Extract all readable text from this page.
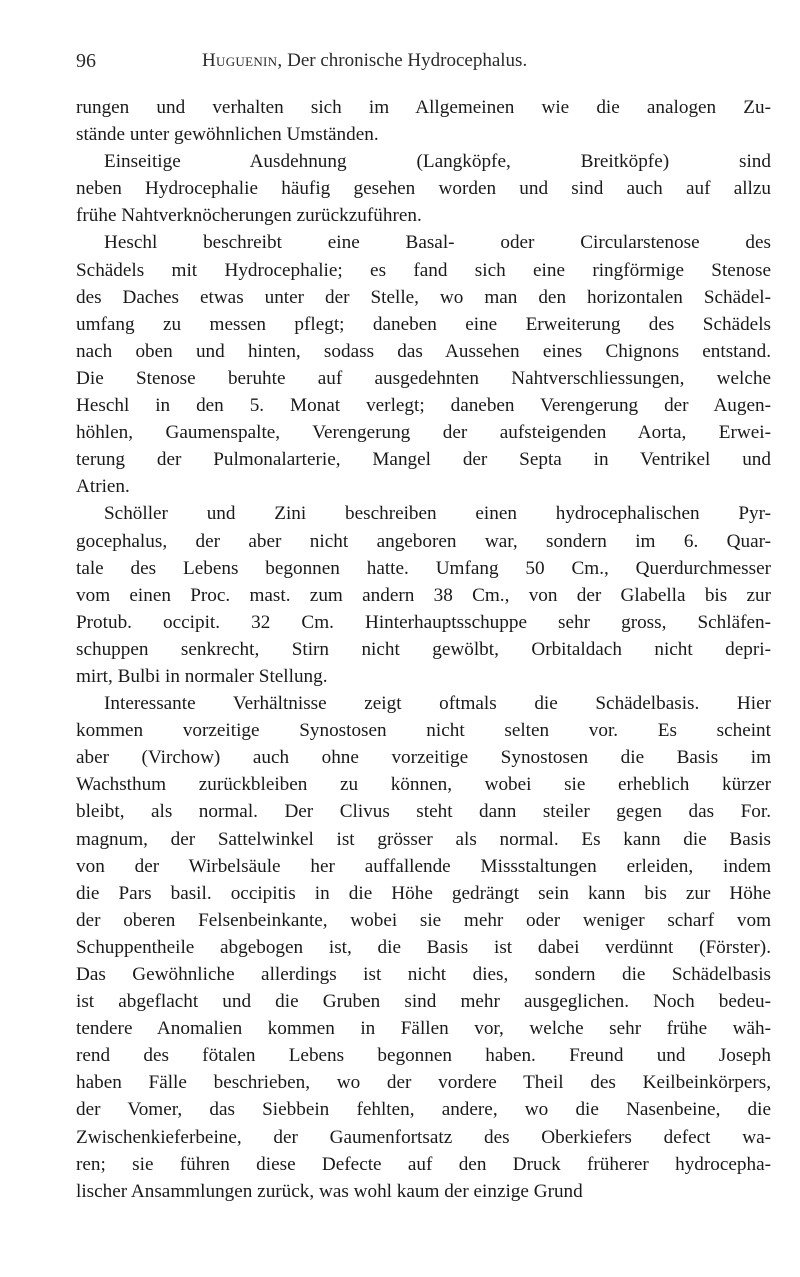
96	Huguenin, Der chronische Hydrocephalus.
rungen und verhalten sich im Allgemeinen wie die analogen Zu-
stände unter gewöhnlichen Umständen.
Einseitige Ausdehnung (Langköpfe, Breitköpfe) sind
neben Hydrocephalie häufig gesehen worden und sind auch auf allzu
frühe Nahtverknöcherungen zurückzuführen.
Heschl beschreibt eine Basal- oder Circularstenose des
Schädels mit Hydrocephalie; es fand sich eine ringförmige Stenose
des Daches etwas unter der Stelle, wo man den horizontalen Schädel-
umfang zu messen pflegt; daneben eine Erweiterung des Schädels
nach oben und hinten, sodass das Aussehen eines Chignons entstand.
Die Stenose beruhte auf ausgedehnten Nahtverschliessungen, welche
Heschl in den 5. Monat verlegt; daneben Verengerung der Augen-
höhlen, Gaumenspalte, Verengerung der aufsteigenden Aorta, Erwei-
terung der Pulmonalarterie, Mangel der Septa in Ventrikel und
Atrien.
Schöller und Zini beschreiben einen hydrocephalischen Pyr-
gocephalus, der aber nicht angeboren war, sondern im 6. Quar-
tale des Lebens begonnen hatte. Umfang 50 Cm., Querdurchmesser
vom einen Proc. mast. zum andern 38 Cm., von der Glabella bis zur
Protub. occipit. 32 Cm. Hinterhauptsschuppe sehr gross, Schläfen-
schuppen senkrecht, Stirn nicht gewölbt, Orbitaldach nicht depri-
mirt, Bulbi in normaler Stellung.
Interessante Verhältnisse zeigt oftmals die Schädelbasis. Hier
kommen vorzeitige Synostosen nicht selten vor. Es scheint
aber (Virchow) auch ohne vorzeitige Synostosen die Basis im
Wachsthum zurückbleiben zu können, wobei sie erheblich kürzer
bleibt, als normal. Der Clivus steht dann steiler gegen das For.
magnum, der Sattelwinkel ist grösser als normal. Es kann die Basis
von der Wirbelsäule her auffallende Missstaltungen erleiden, indem
die Pars basil. occipitis in die Höhe gedrängt sein kann bis zur Höhe
der oberen Felsenbeinkante, wobei sie mehr oder weniger scharf vom
Schuppentheile abgebogen ist, die Basis ist dabei verdünnt (Förster).
Das Gewöhnliche allerdings ist nicht dies, sondern die Schädelbasis
ist abgeflacht und die Gruben sind mehr ausgeglichen. Noch bedeu-
tendere Anomalien kommen in Fällen vor, welche sehr frühe wäh-
rend des fötalen Lebens begonnen haben. Freund und Joseph
haben Fälle beschrieben, wo der vordere Theil des Keilbeinkörpers,
der Vomer, das Siebbein fehlten, andere, wo die Nasenbeine, die
Zwischenkieferbeine, der Gaumenfortsatz des Oberkiefers defect wa-
ren; sie führen diese Defecte auf den Druck früherer hydrocepha-
lischer Ansammlungen zurück, was wohl kaum der einzige Grund
